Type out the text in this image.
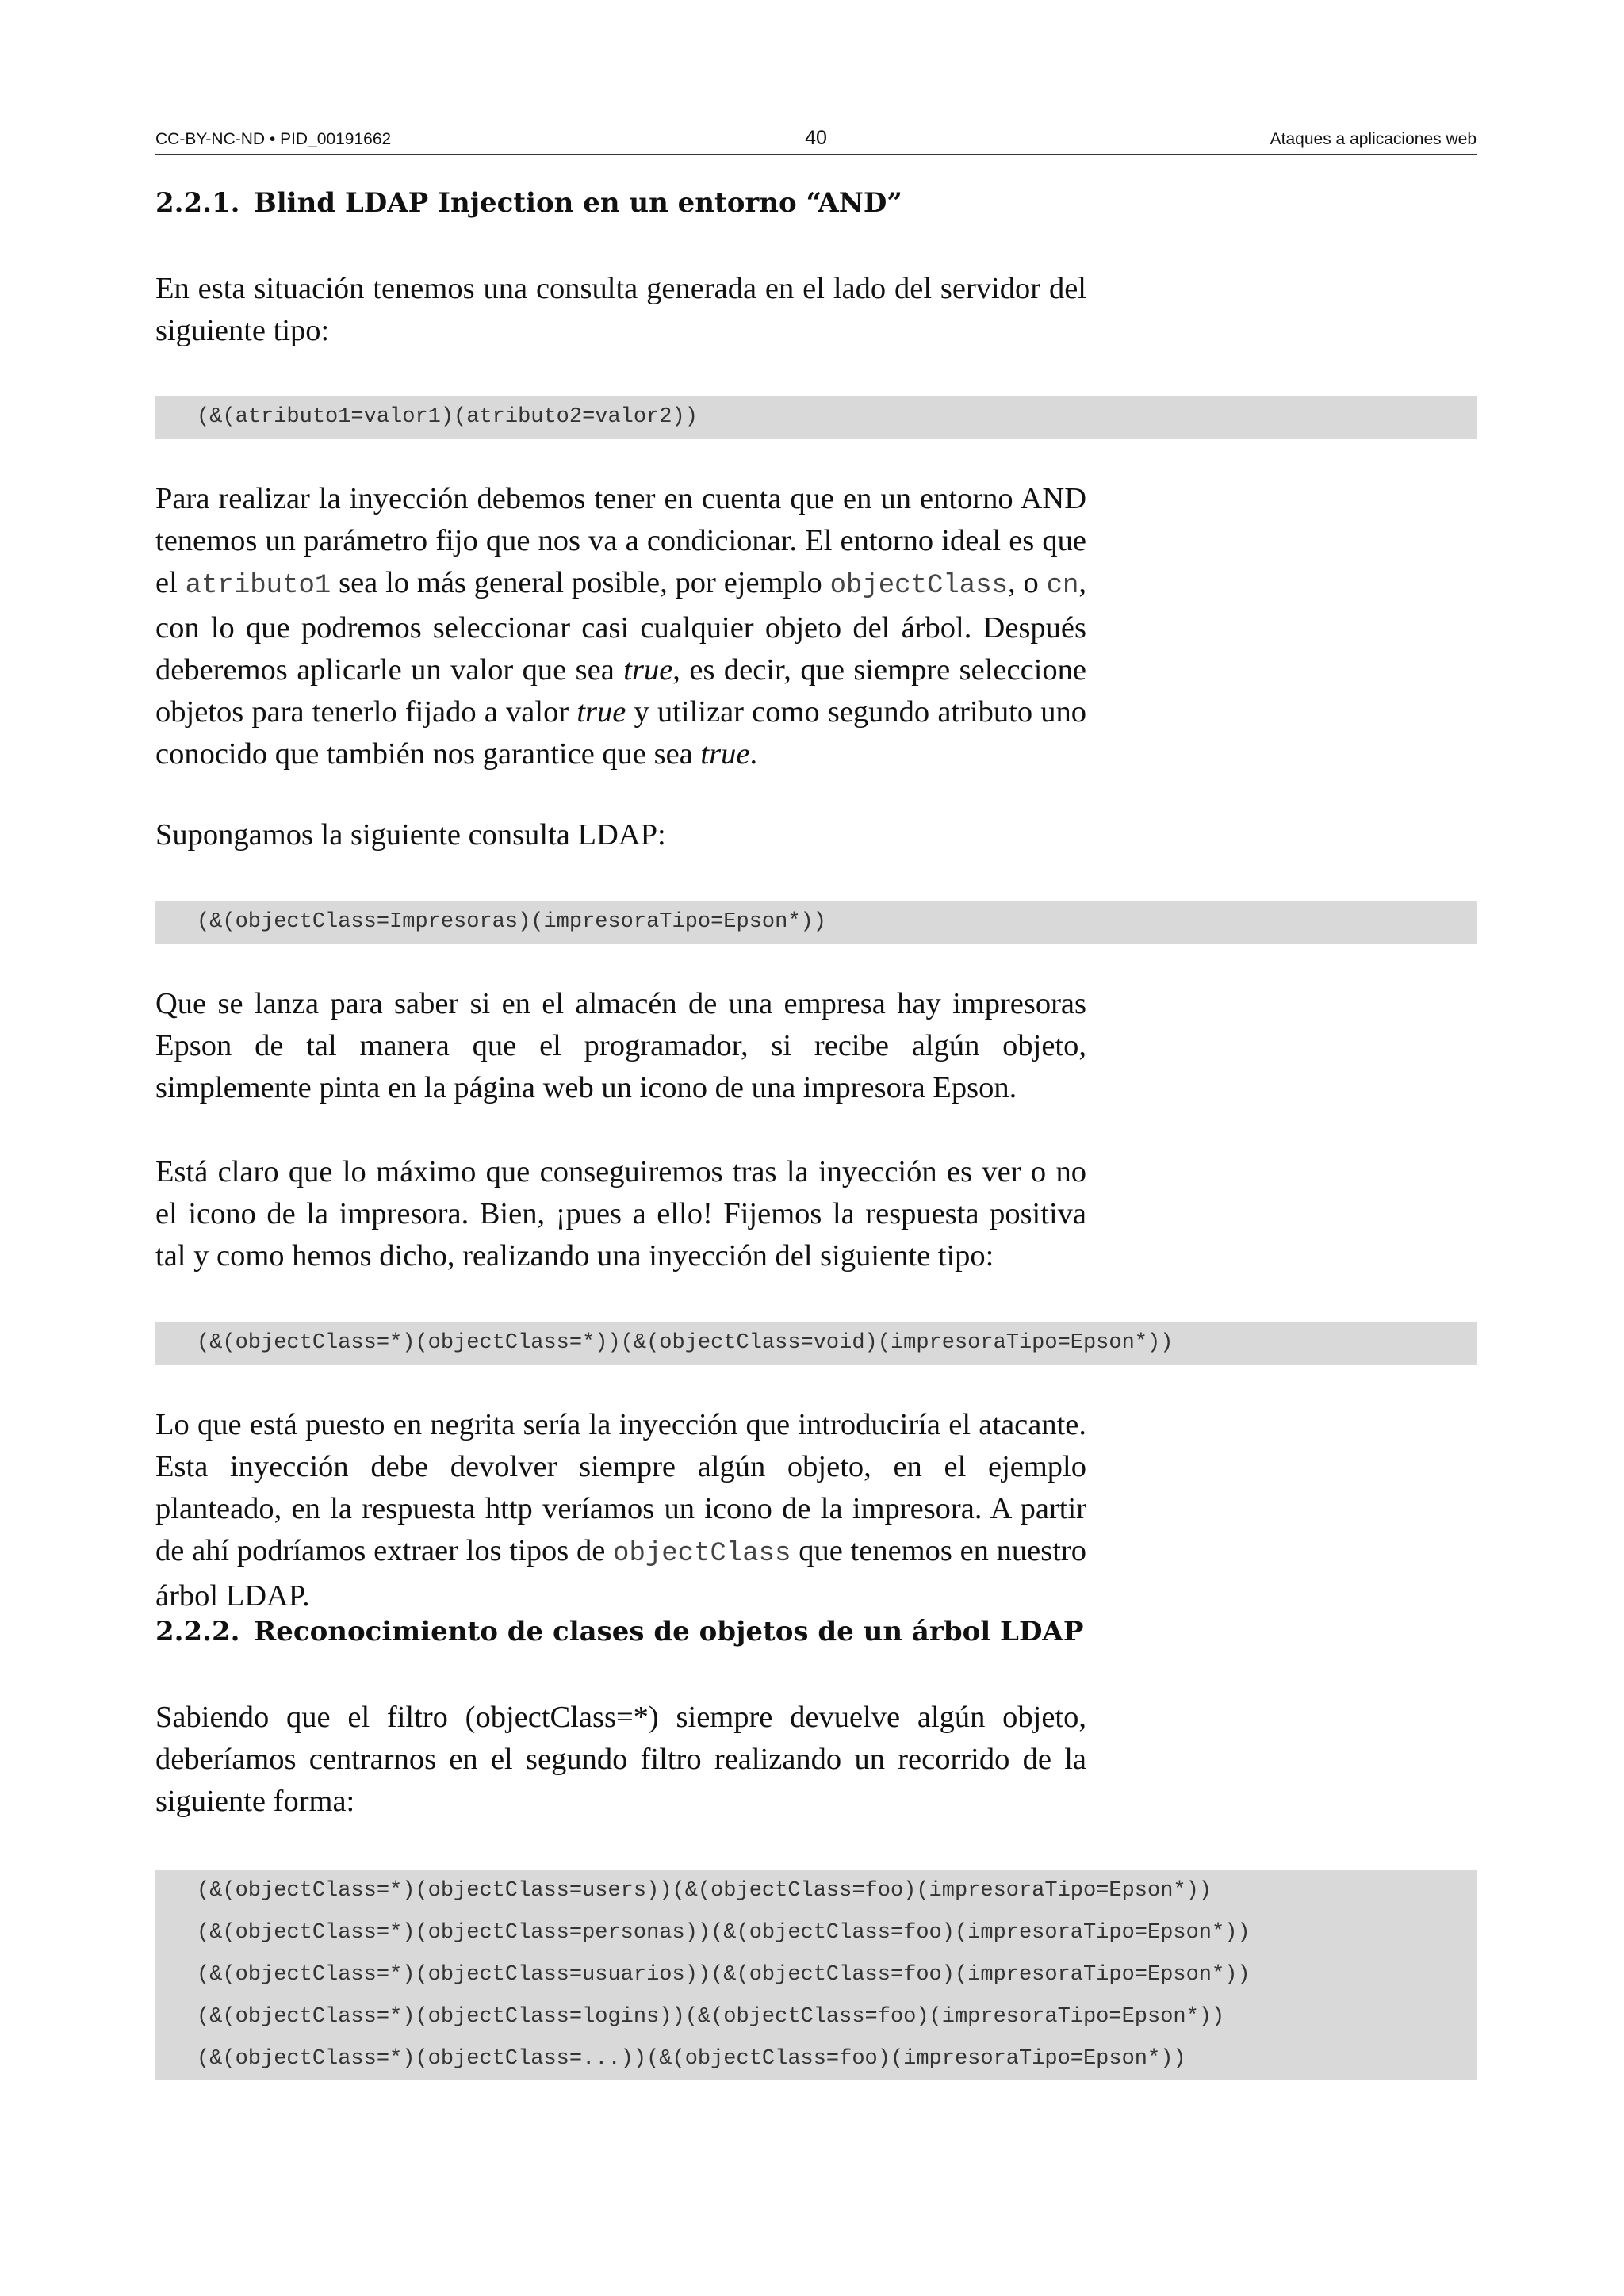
CC-BY-NC-ND • PID_00191662	40	Ataques a aplicaciones web
2.2.1. Blind LDAP Injection en un entorno “AND”

En esta situación tenemos una consulta generada en el lado del servidor del siguiente tipo:

(&(atributo1=valor1)(atributo2=valor2))

Para realizar la inyección debemos tener en cuenta que en un entorno AND tenemos un parámetro fijo que nos va a condicionar. El entorno ideal es que el atributo1 sea lo más general posible, por ejemplo objectClass, o cn, con lo que podremos seleccionar casi cualquier objeto del árbol. Después deberemos aplicarle un valor que sea true, es decir, que siempre seleccione objetos para tenerlo fijado a valor true y utilizar como segundo atributo uno conocido que también nos garantice que sea true.

Supongamos la siguiente consulta LDAP:

(&(objectClass=Impresoras)(impresoraTipo=Epson*))

Que se lanza para saber si en el almacén de una empresa hay impresoras Epson de tal manera que el programador, si recibe algún objeto, simplemente pinta en la página web un icono de una impresora Epson.

Está claro que lo máximo que conseguiremos tras la inyección es ver o no el icono de la impresora. Bien, ¡pues a ello! Fijemos la respuesta positiva tal y como hemos dicho, realizando una inyección del siguiente tipo:

(&(objectClass=*)(objectClass=*))(&(objectClass=void)(impresoraTipo=Epson*))

Lo que está puesto en negrita sería la inyección que introduciría el atacante. Esta inyección debe devolver siempre algún objeto, en el ejemplo planteado, en la respuesta http veríamos un icono de la impresora. A partir de ahí podríamos extraer los tipos de objectClass que tenemos en nuestro árbol LDAP.

2.2.2. Reconocimiento de clases de objetos de un árbol LDAP

Sabiendo que el filtro (objectClass=*) siempre devuelve algún objeto, deberíamos centrarnos en el segundo filtro realizando un recorrido de la siguiente forma:

(&(objectClass=*)(objectClass=users))(&(objectClass=foo)(impresoraTipo=Epson*))
(&(objectClass=*)(objectClass=personas))(&(objectClass=foo)(impresoraTipo=Epson*))
(&(objectClass=*)(objectClass=usuarios))(&(objectClass=foo)(impresoraTipo=Epson*))
(&(objectClass=*)(objectClass=logins))(&(objectClass=foo)(impresoraTipo=Epson*))
(&(objectClass=*)(objectClass=...))(&(objectClass=foo)(impresoraTipo=Epson*))
